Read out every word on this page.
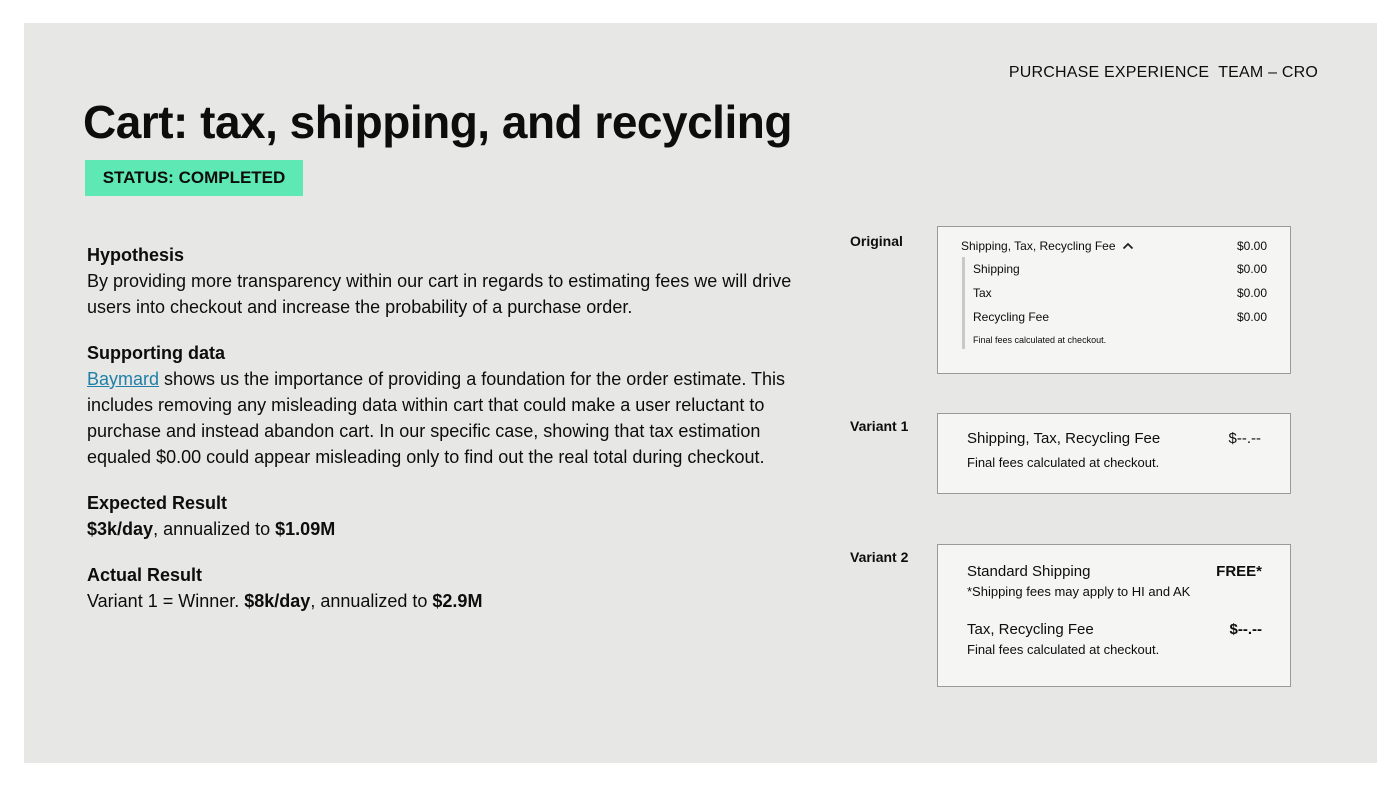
PURCHASE EXPERIENCE  TEAM – CRO
Cart: tax, shipping, and recycling
STATUS: COMPLETED
Hypothesis

By providing more transparency within our cart in regards to estimating fees we will drive users into checkout and increase the probability of a purchase order.

Supporting data

Baymard shows us the importance of providing a foundation for the order estimate. This includes removing any misleading data within cart that could make a user reluctant to purchase and instead abandon cart. In our specific case, showing that tax estimation equaled $0.00 could appear misleading only to find out the real total during checkout.

Expected Result

$3k/day, annualized to $1.09M

Actual Result

Variant 1 = Winner. $8k/day, annualized to $2.9M

Original	Shipping, Tax, Recycling Fee	$0.00
Shipping	$0.00
Tax	$0.00
Recycling Fee	$0.00
Final fees calculated at checkout.
Variant 1
Shipping, Tax, Recycling Fee	$--.--
Final fees calculated at checkout.
Variant 2
Standard Shipping	FREE*
*Shipping fees may apply to HI and AK
Tax, Recycling Fee	$--.--
Final fees calculated at checkout.
